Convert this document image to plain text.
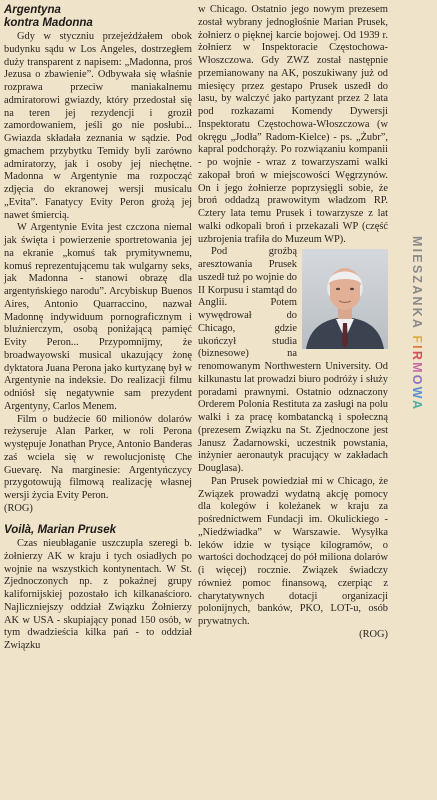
Argentyna
kontra Madonna

Gdy w styczniu przejeżdżałem obok budynku sądu w Los Angeles, dostrzegłem duży transparent z napisem: „Madonna, proś Jezusa o zbawienie”. Odbywała się właśnie rozprawa przeciw maniakalnemu admiratorowi gwiazdy, który przedostał się na teren jej rezydencji i groził zamordowaniem, jeśli go nie posłubi... Gwiazda składała zeznania w sądzie. Pod gmachem przybytku Temidy byli zarówno admiratorzy, jak i osoby jej niechętne. Madonna w Argentynie ma rozpocząć zdjęcia do ekranowej wersji musicalu „Evita”. Fanatycy Evity Peron grożą jej nawet śmiercią.

W Argentynie Evita jest czczona niemal jak święta i powierzenie sportretowania jej na ekranie „komuś tak prymitywnemu, komuś reprezentującemu tak wulgarny seks, jak Madonna - stanowi obrazę dla argentyńskiego narodu”. Arcybiskup Buenos Aires, Antonio Quarraccino, nazwał Madonnę indywiduum pornograficznym i bluźnierczym, osobą poniżającą pamięć Evity Peron... Przypomnijmy, że broadwayowski musical ukazujący żonę dyktatora Juana Perona jako kurtyzanę był w Argentynie na indeksie. Do realizacji filmu odniósł się negatywnie sam prezydent Argentyny, Carlos Menem.

Film o budżecie 60 milionów dolarów reżyseruje Alan Parker, w roli Perona występuje Jonathan Pryce, Antonio Banderas zaś wciela się w rewolucjonistę Che Guevarę. Na marginesie: Argentyńczycy przygotowują filmową realizację własnej wersji życia Evity Peron.

(ROG)

Voilà, Marian Prusek

Czas nieubłaganie uszczupla szeregi b. żołnierzy AK w kraju i tych osiadłych po wojnie na wszystkich kontynentach. W St. Zjednoczonych np. z pokaźnej grupy kalifornijskiej pozostało ich kilkanaścioro. Najliczniejszy oddział Związku Żołnierzy AK w USA - skupiający ponad 150 osób, w tym dwadzieścia kilka pań - to oddział Związku

w Chicago. Ostatnio jego nowym prezesem został wybrany jednogłośnie Marian Prusek, żołnierz o pięknej karcie bojowej. Od 1939 r. żołnierz w Inspektoracie Częstochowa-Włoszczowa. Gdy ZWZ został następnie przemianowany na AK, poszukiwany już od miesięcy przez gestapo Prusek uszedł do lasu, by walczyć jako partyzant przez 2 lata pod rozkazami Komendy Dywersji Inspektoratu Częstochowa-Włoszczowa (w okręgu „Jodła” Radom-Kielce) - ps. „Żubr”, kapral podchorąży. Po rozwiązaniu kompanii - po wojnie - wraz z towarzyszami walki zakopał broń w miejscowości Węgrzynów. On i jego żołnierze poprzysięgli sobie, że broń oddadzą prawowitym władzom RP. Cztery lata temu Prusek i towarzysze z lat walki odkopali broń i przekazali WP (część uzbrojenia trafiła do Muzeum WP).

Pod groźbą aresztowania Prusek uszedł tuż po wojnie do II Korpusu i stamtąd do Anglii. Potem wywędrował do Chicago, gdzie ukończył studia (biznesowe) na renomowanym Northwestern University. Od kilkunastu lat prowadzi biuro podróży i służy poradami prawnymi. Ostatnio odznaczony Orderem Polonia Restituta za zasługi na polu walki i za pracę kombatancką i społeczną (prezesem Związku na St. Zjednoczone jest Janusz Żadarnowski, uczestnik powstania, inżynier aeronautyk pracujący w zakładach Douglasa).

Pan Prusek powiedział mi w Chicago, że Związek prowadzi wydatną akcję pomocy dla kolegów i koleżanek w kraju za pośrednictwem Fundacji im. Okulickiego - „Niedźwiadka” w Warszawie. Wysyłka leków idzie w tysiące kilogramów, o wartości dochodzącej do pół miliona dolarów (i więcej) rocznie. Związek świadczy również pomoc finansową, czerpiąc z charytatywnych dotacji organizacji polonijnych, banków, PKO, LOT-u, osób prywatnych.

(ROG)

MIESZANKA FIRMOWA
